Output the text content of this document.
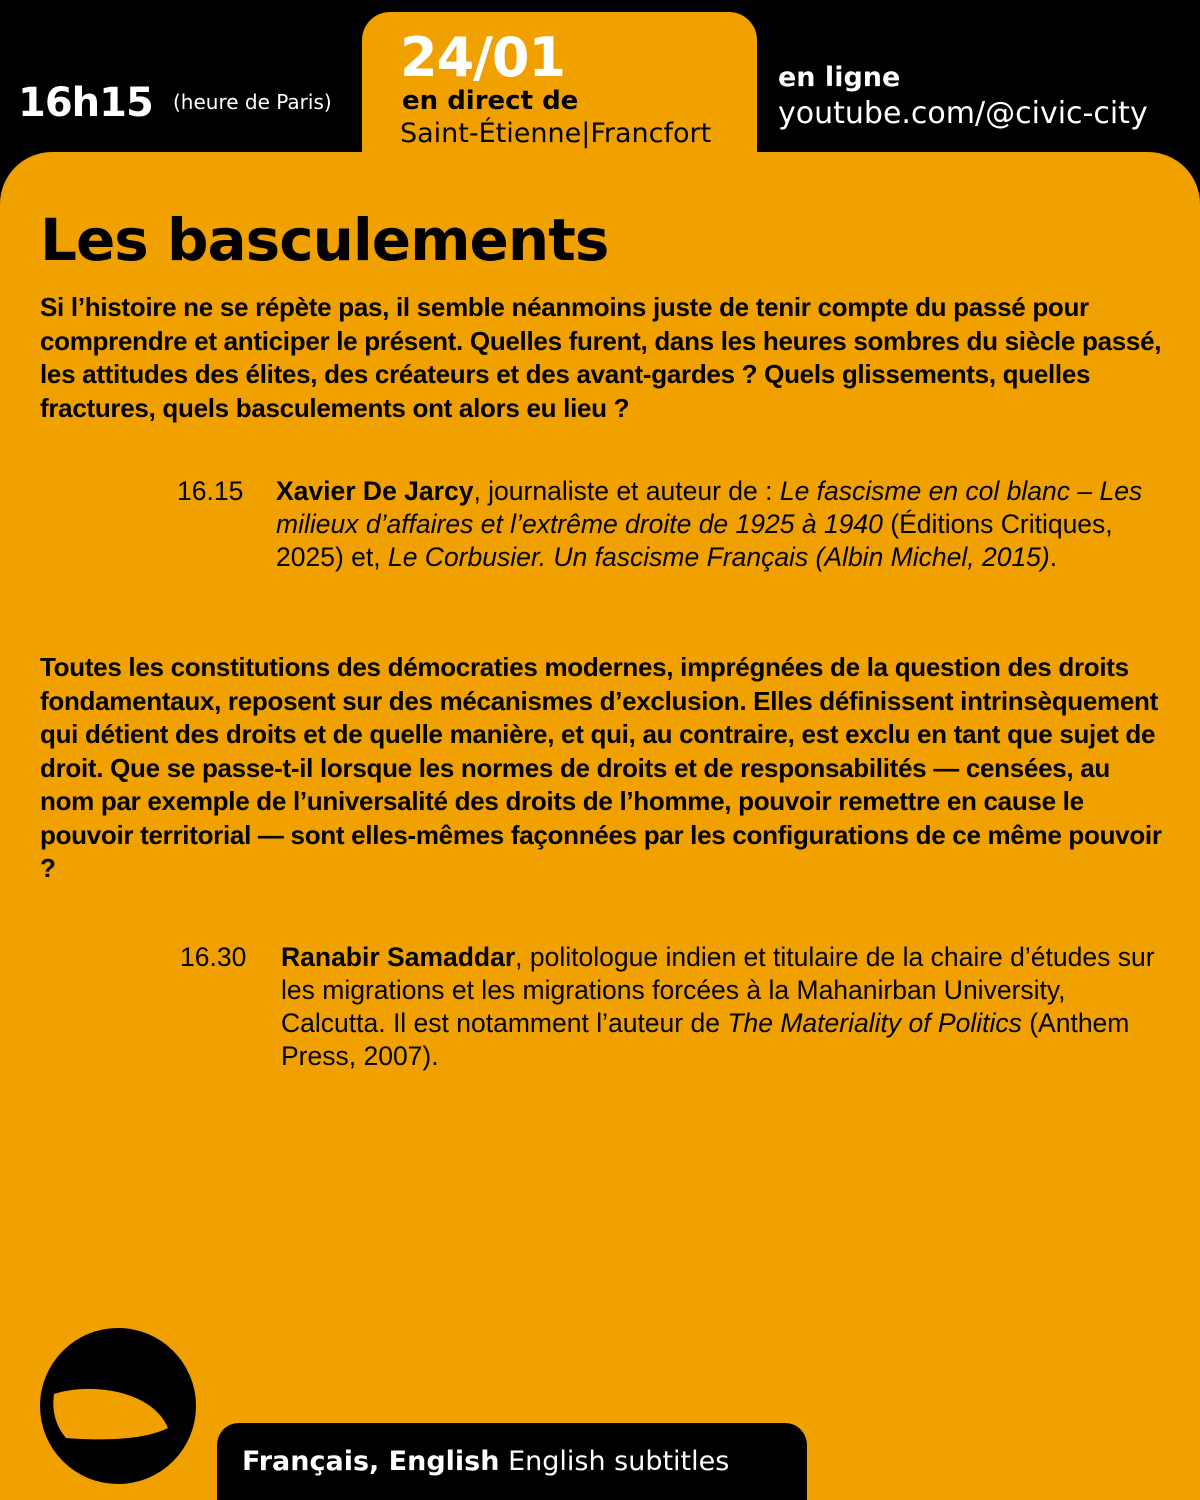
16h15 (heure de Paris)
24/01
en direct de
Saint-Étienne|Francfort
en ligne
youtube.com/@civic-city
Les basculements

Si l’histoire ne se répète pas, il semble néanmoins juste de tenir compte du passé pour comprendre et anticiper le présent. Quelles furent, dans les heures sombres du siècle passé, les attitudes des élites, des créateurs et des avant-gardes ? Quels glissements, quelles fractures, quels basculements ont alors eu lieu ?

16.15 Xavier De Jarcy, journaliste et auteur de : Le fascisme en col blanc – Les milieux d’affaires et l’extrême droite de 1925 à 1940 (Éditions Critiques, 2025) et, Le Corbusier. Un fascisme Français (Albin Michel, 2015).

Toutes les constitutions des démocraties modernes, imprégnées de la question des droits fondamentaux, reposent sur des mécanismes d’exclusion. Elles définissent intrinsèquement qui détient des droits et de quelle manière, et qui, au contraire, est exclu en tant que sujet de droit. Que se passe-t-il lorsque les normes de droits et de responsabilités — censées, au nom par exemple de l’universalité des droits de l’homme, pouvoir remettre en cause le pouvoir territorial — sont elles-mêmes façonnées par les configurations de ce même pouvoir ?

16.30 Ranabir Samaddar, politologue indien et titulaire de la chaire d’études sur les migrations et les migrations forcées à la Mahanirban University, Calcutta. Il est notamment l’auteur de The Materiality of Politics (Anthem Press, 2007).

Français, English English subtitles
